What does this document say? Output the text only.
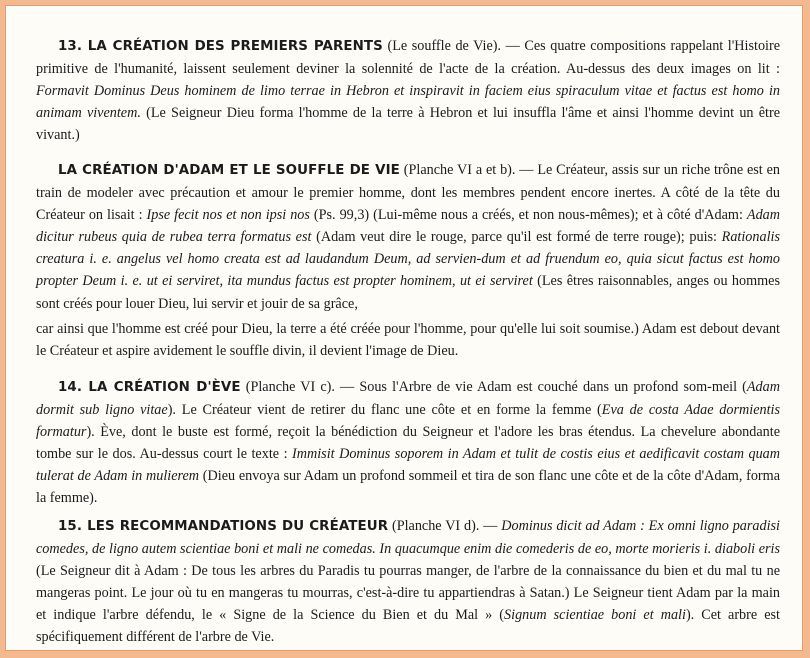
13. LA CRÉATION DES PREMIERS PARENTS (Le souffle de Vie). — Ces quatre compositions rappelant l'Histoire primitive de l'humanité, laissent seulement deviner la solennité de l'acte de la création. Au-dessus des deux images on lit : Formavit Dominus Deus hominem de limo terrae in Hebron et inspiravit in faciem eius spiraculum vitae et factus est homo in animam viventem. (Le Seigneur Dieu forma l'homme de la terre à Hebron et lui insuffla l'âme et ainsi l'homme devint un être vivant.)

LA CRÉATION D'ADAM ET LE SOUFFLE DE VIE (Planche VI a et b). — Le Créateur, assis sur un riche trône est en train de modeler avec précaution et amour le premier homme, dont les membres pendent encore inertes. A côté de la tête du Créateur on lisait : Ipse fecit nos et non ipsi nos (Ps. 99,3) (Lui-même nous a créés, et non nous-mêmes); et à côté d'Adam: Adam dicitur rubeus quia de rubea terra formatus est (Adam veut dire le rouge, parce qu'il est formé de terre rouge); puis: Rationalis creatura i. e. angelus vel homo creata est ad laudandum Deum, ad servien-dum et ad fruendum eo, quia sicut factus est homo propter Deum i. e. ut ei serviret, ita mundus factus est propter hominem, ut ei serviret (Les êtres raisonnables, anges ou hommes sont créés pour louer Dieu, lui servir et jouir de sa grâce,

car ainsi que l'homme est créé pour Dieu, la terre a été créée pour l'homme, pour qu'elle lui soit soumise.) Adam est debout devant le Créateur et aspire avidement le souffle divin, il devient l'image de Dieu.

14. LA CRÉATION D'ÈVE (Planche VI c). — Sous l'Arbre de vie Adam est couché dans un profond som-meil (Adam dormit sub ligno vitae). Le Créateur vient de retirer du flanc une côte et en forme la femme (Eva de costa Adae dormientis formatur). Ève, dont le buste est formé, reçoit la bénédiction du Seigneur et l'adore les bras étendus. La chevelure abondante tombe sur le dos. Au-dessus court le texte : Immisit Dominus soporem in Adam et tulit de costis eius et aedificavit costam quam tulerat de Adam in mulierem (Dieu envoya sur Adam un profond sommeil et tira de son flanc une côte et de la côte d'Adam, forma la femme).

15. LES RECOMMANDATIONS DU CRÉATEUR (Planche VI d). — Dominus dicit ad Adam : Ex omni ligno paradisi comedes, de ligno autem scientiae boni et mali ne comedas. In quacumque enim die comederis de eo, morte morieris i. diaboli eris (Le Seigneur dit à Adam : De tous les arbres du Paradis tu pourras manger, de l'arbre de la connaissance du bien et du mal tu ne mangeras point. Le jour où tu en mangeras tu mourras, c'est-à-dire tu appartiendras à Satan.) Le Seigneur tient Adam par la main et indique l'arbre défendu, le « Signe de la Science du Bien et du Mal » (Signum scientiae boni et mali). Cet arbre est spécifiquement différent de l'arbre de Vie.
